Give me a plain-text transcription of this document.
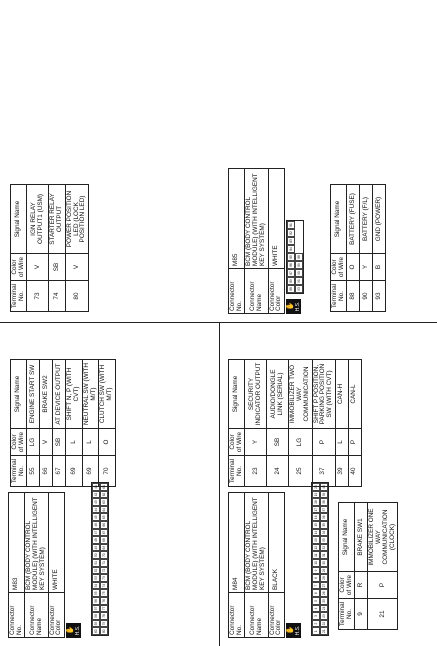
Connector No.	M83
Connector Name	BCM (BODY CONTROL MODULE) (WITH INTELLIGENT KEY SYSTEM)
Connector Color	WHITE
✋ H.S.	60
59
58
57
56
55
54
53
52
51
50
49
48
47
46
45
44
43
42
41
80
79
78
77
76
75
74
73
72
71
70
69
68
67
66
65
64
63
62
61
Terminal No.	Color of Wire	Signal Name
55	LG	ENGINE START SW
66	V	BRAKE SW2
67	SB	AT DEVICE OUTPUT
69	L	SHIFT N, P (WITH CVT)
69	L	NEUTRAL SW (WITH M/T)
70	O	CLUTCH SW (WITH M/T)
Connector No.	M84
Connector Name	BCM (BODY CONTROL MODULE) (WITH INTELLIGENT KEY SYSTEM)
Connector Color	BLACK
✋ H.S.	1
2
3
4
5
6
7
8
9
10
11
12
13
14
15
16
17
18
19
20
21
22
23
24
25
26
27
28
29
30
31
32
33
34
35
36
37
38
39
40
Terminal No.	Color of Wire	Signal Name
9	R	BRAKE SW1
21	P	IMMOBILIZER ONE WAY COMMUNICATION (CLOCK)
Terminal No.	Color of Wire	Signal Name
23	Y	SECURITY INDICATOR OUTPUT
24	SB	AUDIO/DONGLE LINK (SERIAL)
25	LG	IMMOBILIZER TWO WAY COMMUNICATION
37	P	SHIFT P POSITION, PARKING POSITION SW (WITH CVT)
39	L	CAN-H
40	P	CAN-L
Terminal No.	Color of Wire	Signal Name
73	V	IGN RELAY OUTPUT1 (USM)
74	SB	STARTER RELAY OUTPUT
80	V	POWER POSITION LED (LOCK POSITION LED)
Connector No.	M85
Connector Name	BCM (BODY CONTROL MODULE) (WITH INTELLIGENT KEY SYSTEM)
Connector Color	WHITE
✋ H.S.
88
89
87
86
85
84
83
82
81
93
91
90
89
88
Terminal No.	Color of Wire	Signal Name
88	O	BATTERY (FUSE)
90	Y	BATTERY (F/L)
93	B	GND (POWER)
